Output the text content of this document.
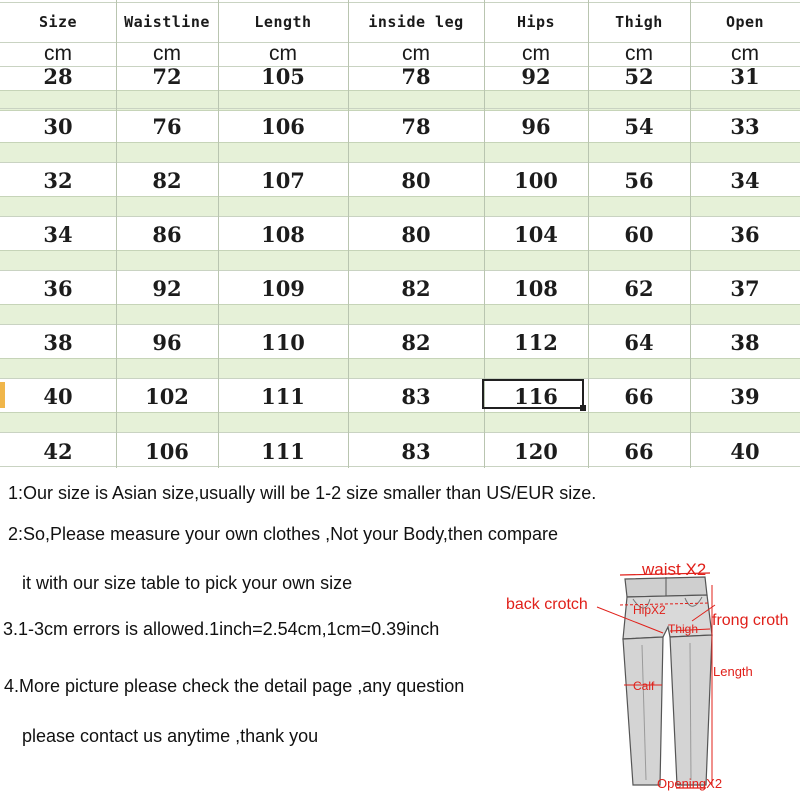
Size	Waistline	Length	inside leg	Hips	Thigh	Open
cm	cm	cm	cm	cm	cm	cm
28	72	105	78	92	52	31
30	76	106	78	96	54	33
32	82	107	80	100	56	34
34	86	108	80	104	60	36
36	92	109	82	108	62	37
38	96	110	82	112	64	38
40	102	111	83	116	66	39
42	106	111	83	120	66	40
1:Our size is Asian size,usually will be 1-2 size smaller than US/EUR size.
2:So,Please measure your own clothes ,Not your Body,then compare
it with our size table to pick your own size
3.1-3cm errors is allowed.1inch=2.54cm,1cm=0.39inch
4.More picture please check the detail page ,any question
please contact us anytime ,thank you
waist X2
back crotch	HipX2
Thigh frong croth
Length
Calf
OpeningX2
